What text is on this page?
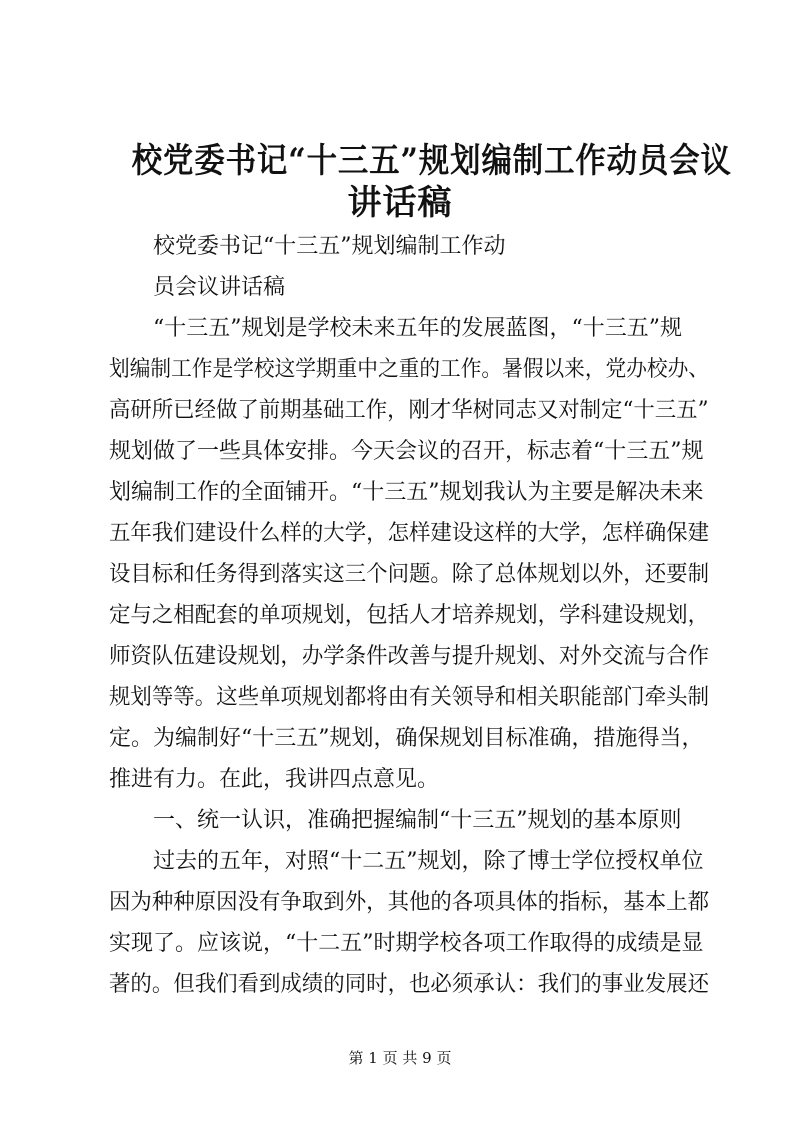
校党委书记“十三五”规划编制工作动员会议
讲话稿
校党委书记“十三五”规划编制工作动
员会议讲话稿
“十三五”规划是学校未来五年的发展蓝图，“十三五”规
划编制工作是学校这学期重中之重的工作。暑假以来，党办校办、
高研所已经做了前期基础工作，刚才华树同志又对制定“十三五”
规划做了一些具体安排。今天会议的召开，标志着“十三五”规
划编制工作的全面铺开。“十三五”规划我认为主要是解决未来
五年我们建设什么样的大学，怎样建设这样的大学，怎样确保建
设目标和任务得到落实这三个问题。除了总体规划以外，还要制
定与之相配套的单项规划，包括人才培养规划，学科建设规划，
师资队伍建设规划，办学条件改善与提升规划、对外交流与合作
规划等等。这些单项规划都将由有关领导和相关职能部门牵头制
定。为编制好“十三五”规划，确保规划目标准确，措施得当，
推进有力。在此，我讲四点意见。
一、统一认识，准确把握编制“十三五”规划的基本原则
过去的五年，对照“十二五”规划，除了博士学位授权单位
因为种种原因没有争取到外，其他的各项具体的指标，基本上都
实现了。应该说，“十二五”时期学校各项工作取得的成绩是显
著的。但我们看到成绩的同时，也必须承认：我们的事业发展还
第 1 页 共 9 页
